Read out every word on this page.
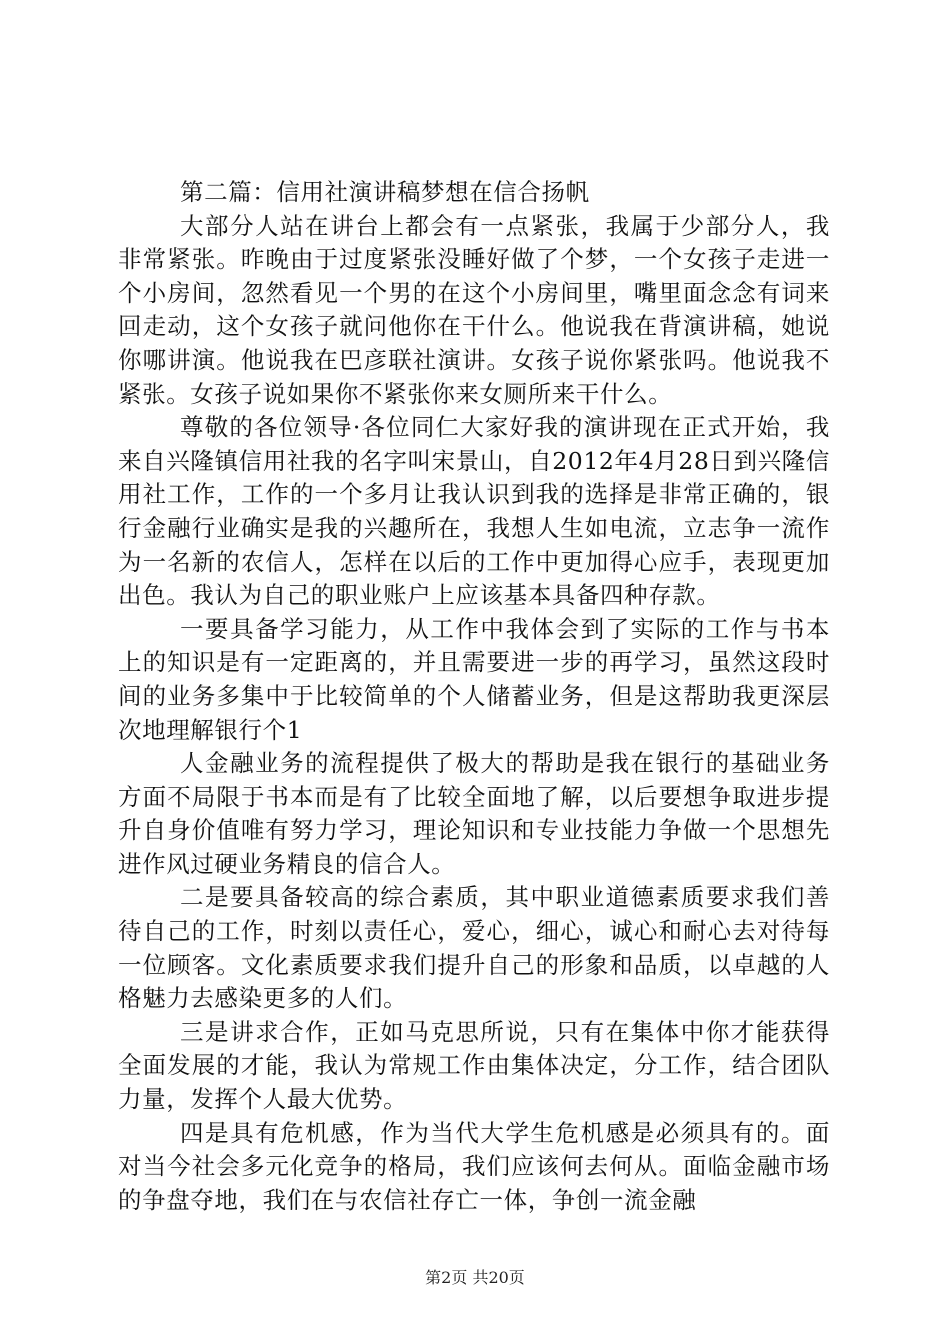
第二篇：信用社演讲稿梦想在信合扬帆

大部分人站在讲台上都会有一点紧张，我属于少部分人，我非常紧张。昨晚由于过度紧张没睡好做了个梦，一个女孩子走进一个小房间，忽然看见一个男的在这个小房间里，嘴里面念念有词来回走动，这个女孩子就问他你在干什么。他说我在背演讲稿，她说你哪讲演。他说我在巴彦联社演讲。女孩子说你紧张吗。他说我不紧张。女孩子说如果你不紧张你来女厕所来干什么。

尊敬的各位领导·各位同仁大家好我的演讲现在正式开始，我来自兴隆镇信用社我的名字叫宋景山，自2012年4月28日到兴隆信用社工作，工作的一个多月让我认识到我的选择是非常正确的，银行金融行业确实是我的兴趣所在，我想人生如电流，立志争一流作为一名新的农信人，怎样在以后的工作中更加得心应手，表现更加出色。我认为自己的职业账户上应该基本具备四种存款。

一要具备学习能力，从工作中我体会到了实际的工作与书本上的知识是有一定距离的，并且需要进一步的再学习，虽然这段时间的业务多集中于比较简单的个人储蓄业务，但是这帮助我更深层次地理解银行个1

人金融业务的流程提供了极大的帮助是我在银行的基础业务方面不局限于书本而是有了比较全面地了解，以后要想争取进步提升自身价值唯有努力学习，理论知识和专业技能力争做一个思想先进作风过硬业务精良的信合人。

二是要具备较高的综合素质，其中职业道德素质要求我们善待自己的工作，时刻以责任心，爱心，细心，诚心和耐心去对待每一位顾客。文化素质要求我们提升自己的形象和品质，以卓越的人格魅力去感染更多的人们。

三是讲求合作，正如马克思所说，只有在集体中你才能获得全面发展的才能，我认为常规工作由集体决定，分工作，结合团队力量，发挥个人最大优势。

四是具有危机感，作为当代大学生危机感是必须具有的。面对当今社会多元化竞争的格局，我们应该何去何从。面临金融市场的争盘夺地，我们在与农信社存亡一体，争创一流金融

第2页 共20页
